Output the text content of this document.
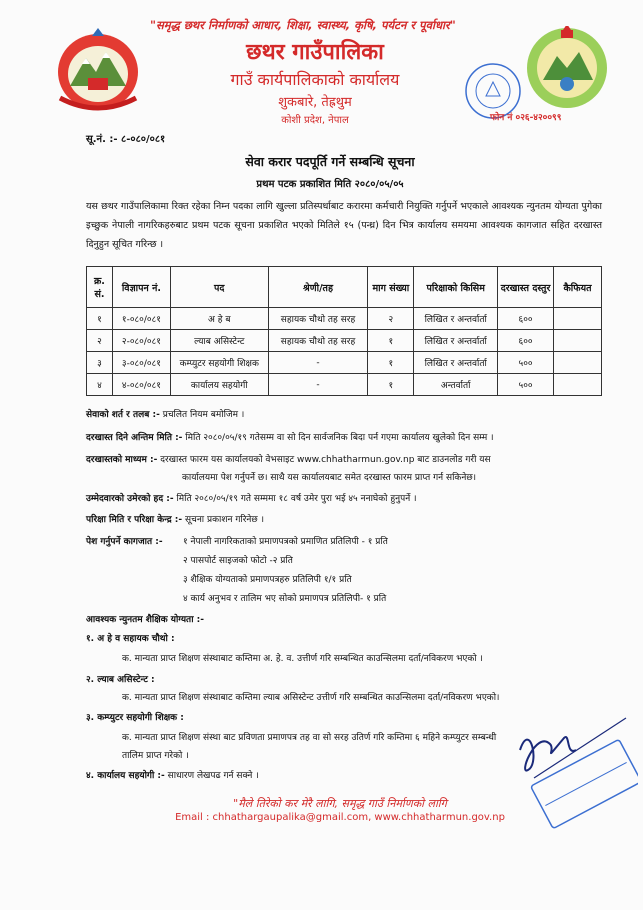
"समृद्ध छथर निर्माणको आधार, शिक्षा, स्वास्थ्य, कृषि, पर्यटन र पूर्वाधार"
छथर गाउँपालिका
गाउँ कार्यपालिकाको कार्यालय
शुकबारे, तेह्रथुम
कोशी प्रदेश, नेपाल	फोन नं ०२६-४२००९९
सू.नं. :- ८-०८०/०८१
सेवा करार पदपूर्ति गर्ने सम्बन्धि सूचना
प्रथम पटक प्रकाशित मिति २०८०/०५/०५
यस छथर गाउँपालिकामा रिक्त रहेका निम्न पदका लागि खुल्ला प्रतिस्पर्धाबाट करारमा कर्मचारी नियुक्ति गर्नुपर्ने भएकाले आवश्यक न्युनतम योग्यता पुगेका इच्छुक नेपाली नागरिकहरुबाट प्रथम पटक सूचना प्रकाशित भएको मितिले १५ (पन्ध्र) दिन भित्र कार्यालय समयमा आवश्यक कागजात सहित दरखास्त दिनुहुन सूचित गरिन्छ ।
क्र. सं.	विज्ञापन नं.	पद	श्रेणी/तह	माग संख्या	परिक्षाको किसिम	दरखास्त दस्तुर	कैफियत
१	१-०८०/०८१	अ हे ब	सहायक चौथो तह सरह	२	लिखित र अन्तर्वार्ता	६००	
२	२-०८०/०८१	ल्याब असिस्टेन्ट	सहायक चौथो तह सरह	१	लिखित र अन्तर्वार्ता	६००	
३	३-०८०/०८१	कम्प्युटर सहयोगी शिक्षक	-	१	लिखित र अन्तर्वार्ता	५००	
४	४-०८०/०८१	कार्यालय सहयोगी	-	१	अन्तर्वार्ता	५००	
सेवाको शर्त र तलब :- प्रचलित नियम बमोजिम ।
दरखास्त दिने अन्तिम मिति :- मिति २०८०/०५/१९ गतेसम्म वा सो दिन सार्वजनिक बिदा पर्न गएमा कार्यालय खुलेको दिन सम्म ।
दरखास्तको माध्यम :- दरखास्त फारम यस कार्यालयको वेभसाइट www.chhatharmun.gov.np बाट डाउनलोड गरी यस
कार्यालयमा पेश गर्नुपर्ने छ। साथै यस कार्यालयबाट समेत दरखास्त फारम प्राप्त गर्न सकिनेछ।
उम्मेदवारको उमेरको हद :- मिति २०८०/०५/१९ गते सम्ममा १८ वर्ष उमेर पुरा भई ४५ ननाघेको हुनुपर्ने ।
परिक्षा मिति र परिक्षा केन्द्र :- सूचना प्रकाशन गरिनेछ ।
पेश गर्नुपर्ने कागजात :- १ नेपाली नागरिकताको प्रमाणपत्रको प्रमाणित प्रतिलिपी - १ प्रति
२ पासपोर्ट साइजको फोटो -२ प्रति
३ शैक्षिक योग्यताको प्रमाणपत्रहरु प्रतिलिपी १/१ प्रति
४ कार्य अनुभव र तालिम भए सोको प्रमाणपत्र प्रतिलिपी- १ प्रति
आवश्यक न्युनतम शैक्षिक योग्यता :-
१. अ हे व सहायक चौथो :
क. मान्यता प्राप्त शिक्षण संस्थाबाट कम्तिमा अ. हे. व. उत्तीर्ण गरि सम्बन्धित काउन्सिलमा दर्ता/नविकरण भएको ।
२. ल्याब असिस्टेन्ट :
क. मान्यता प्राप्त शिक्षण संस्थाबाट कम्तिमा ल्याब असिस्टेन्ट उत्तीर्ण गरि सम्बन्धित काउन्सिलमा दर्ता/नविकरण भएको।
३. कम्प्युटर सहयोगी शिक्षक :
क. मान्यता प्राप्त शिक्षण संस्था बाट प्रविणता प्रमाणपत्र तह वा सो सरह उतिर्ण गरि कम्तिमा ६ महिने कम्प्युटर सम्बन्धी
तालिम प्राप्त गरेको ।
४. कार्यालय सहयोगी :- साधारण लेखपढ गर्न सक्ने ।
"मैले तिरेको कर मेरै लागि, समृद्ध गाउँ निर्माणको लागि
Email : chhathargaupalika@gmail.com, www.chhatharmun.gov.np
